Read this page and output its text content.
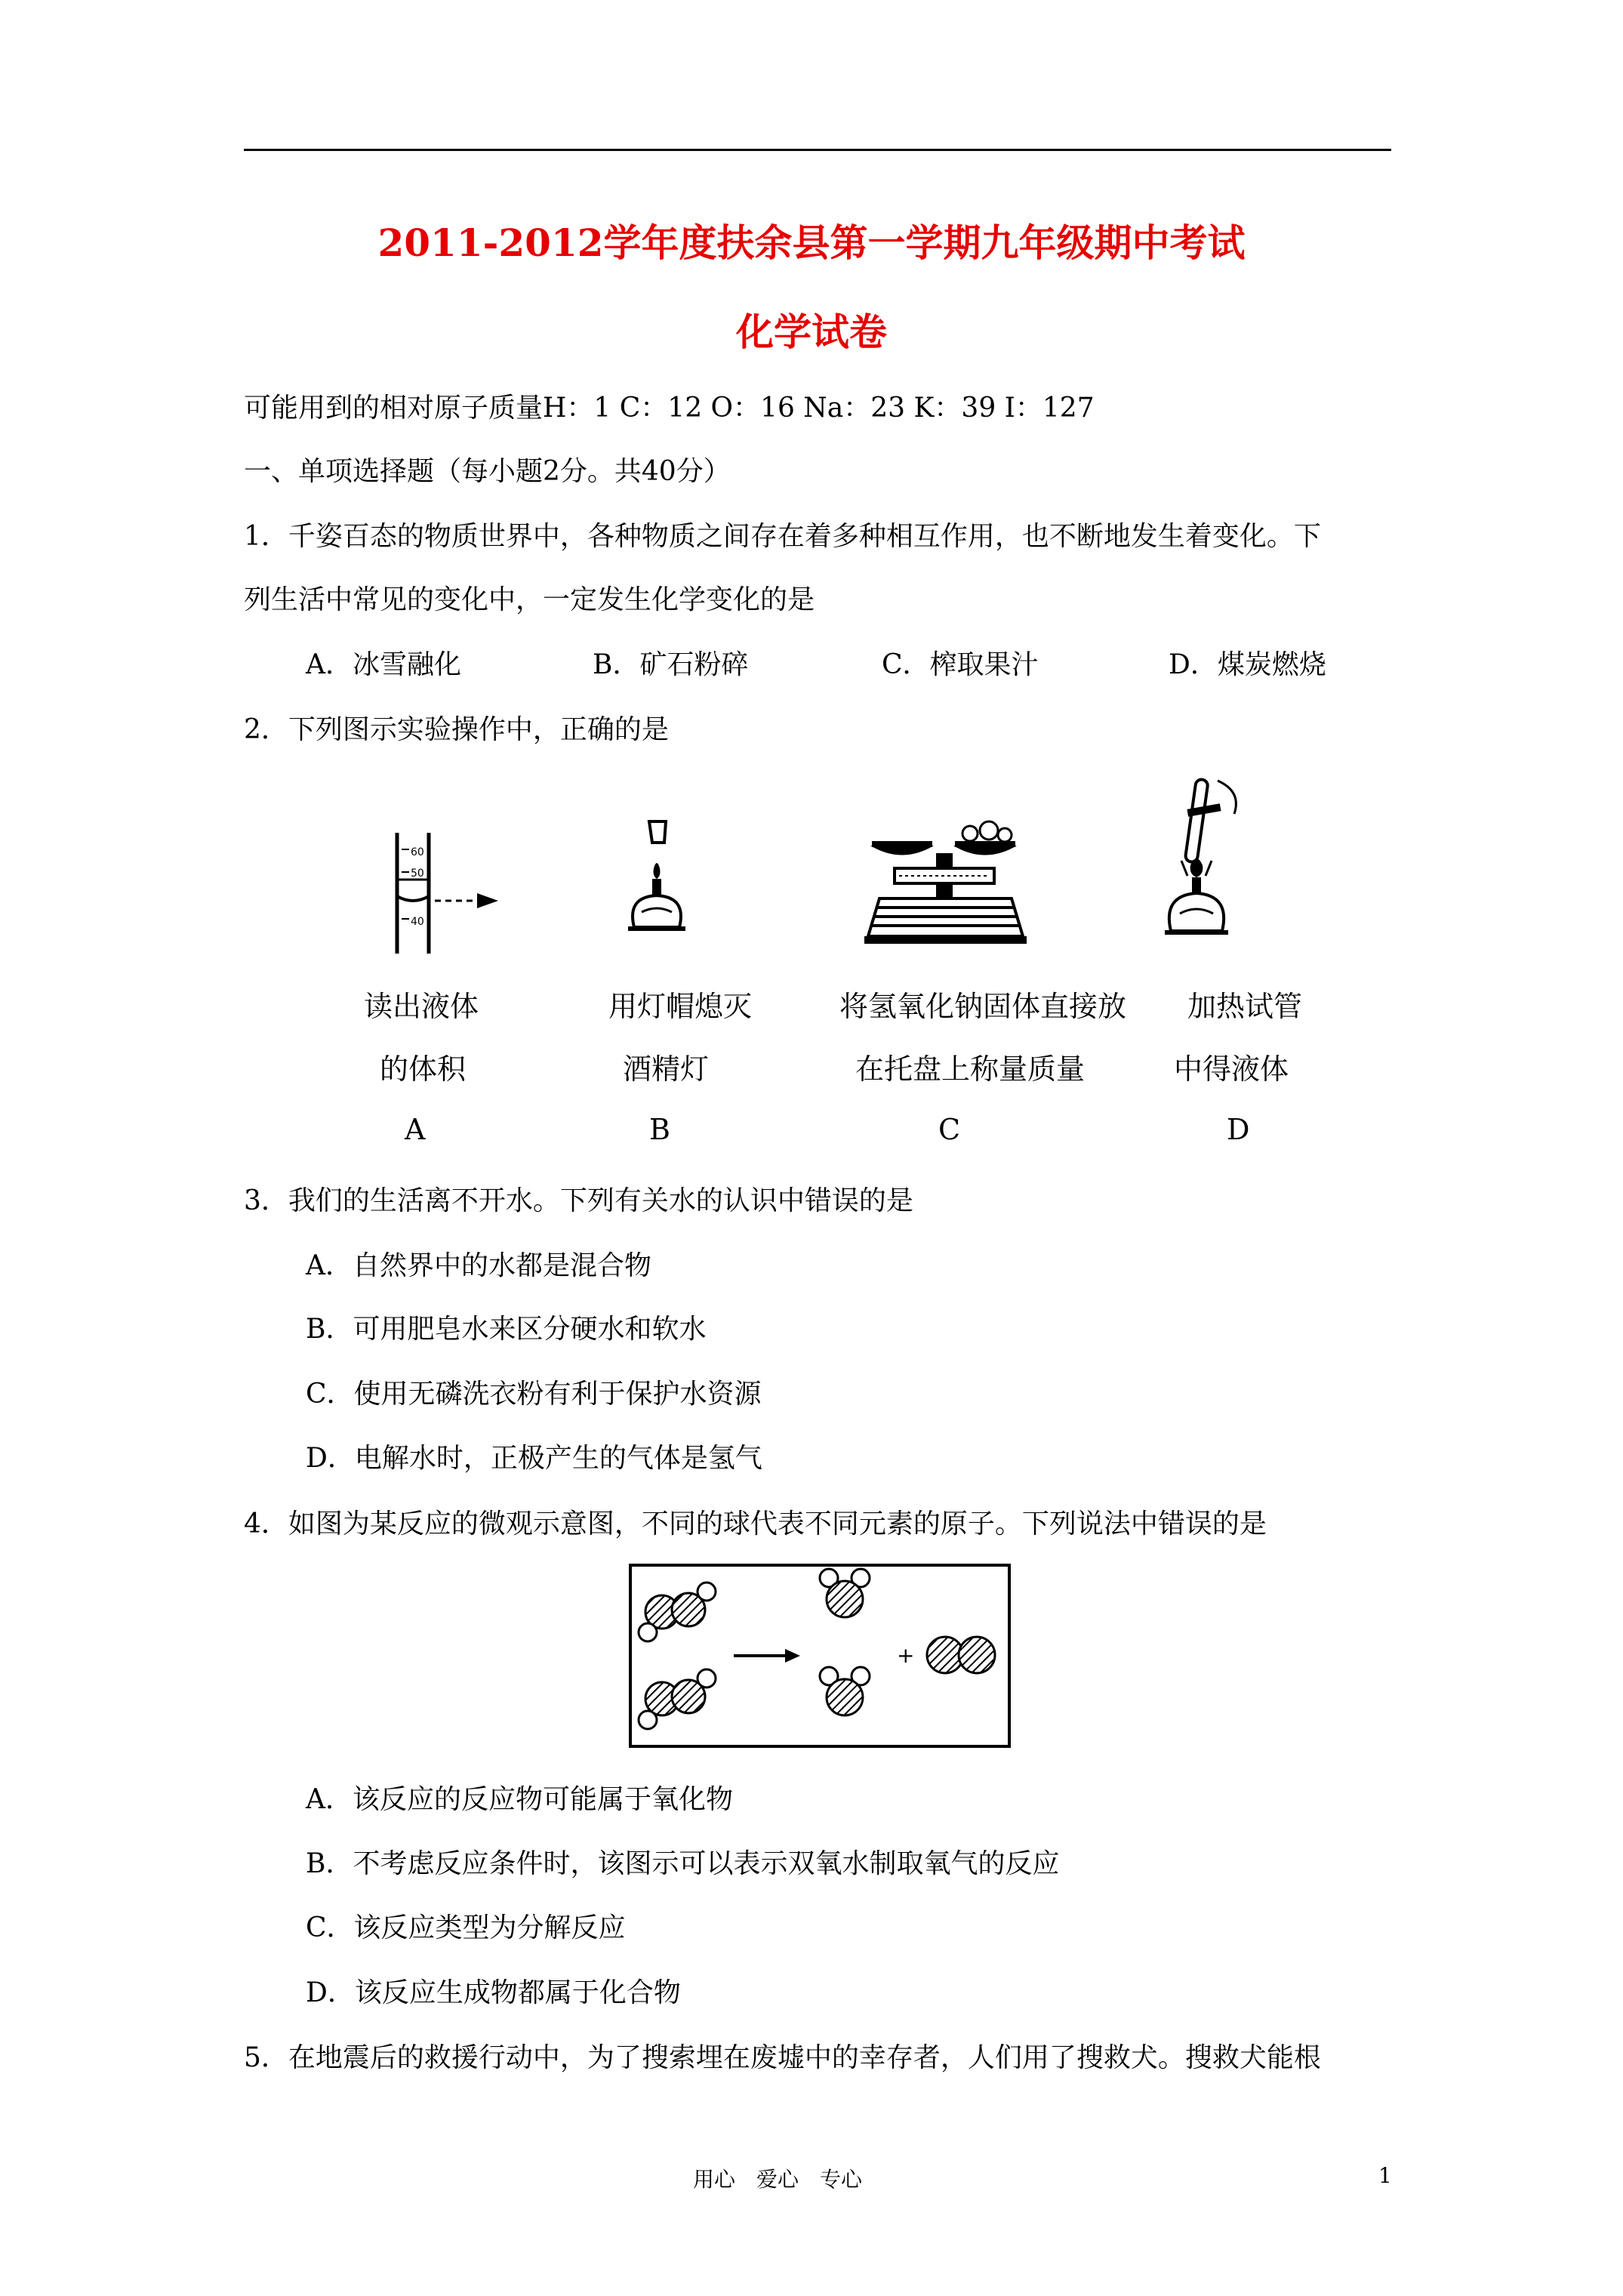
2011-2012学年度扶余县第一学期九年级期中考试
化学试卷
可能用到的相对原子质量H：1 C：12 O：16 Na：23 K：39 I：127
一、单项选择题（每小题2分。共40分）
1．千姿百态的物质世界中，各种物质之间存在着多种相互作用，也不断地发生着变化。下
列生活中常见的变化中，一定发生化学变化的是
A．冰雪融化	B．矿石粉碎	C．榨取果汁	D．煤炭燃烧
2．下列图示实验操作中，正确的是
60
50
40
读出液体
的体积
A
用灯帽熄灭
酒精灯
B
将氢氧化钠固体直接放
在托盘上称量质量
C
加热试管
中得液体
D
3．我们的生活离不开水。下列有关水的认识中错误的是
A．自然界中的水都是混合物
B．可用肥皂水来区分硬水和软水
C．使用无磷洗衣粉有利于保护水资源
D．电解水时，正极产生的气体是氢气
4．如图为某反应的微观示意图，不同的球代表不同元素的原子。下列说法中错误的是
+
A．该反应的反应物可能属于氧化物
B．不考虑反应条件时，该图示可以表示双氧水制取氧气的反应
C．该反应类型为分解反应
D．该反应生成物都属于化合物
5．在地震后的救援行动中，为了搜索埋在废墟中的幸存者，人们用了搜救犬。搜救犬能根
用心　爱心　专心	1
